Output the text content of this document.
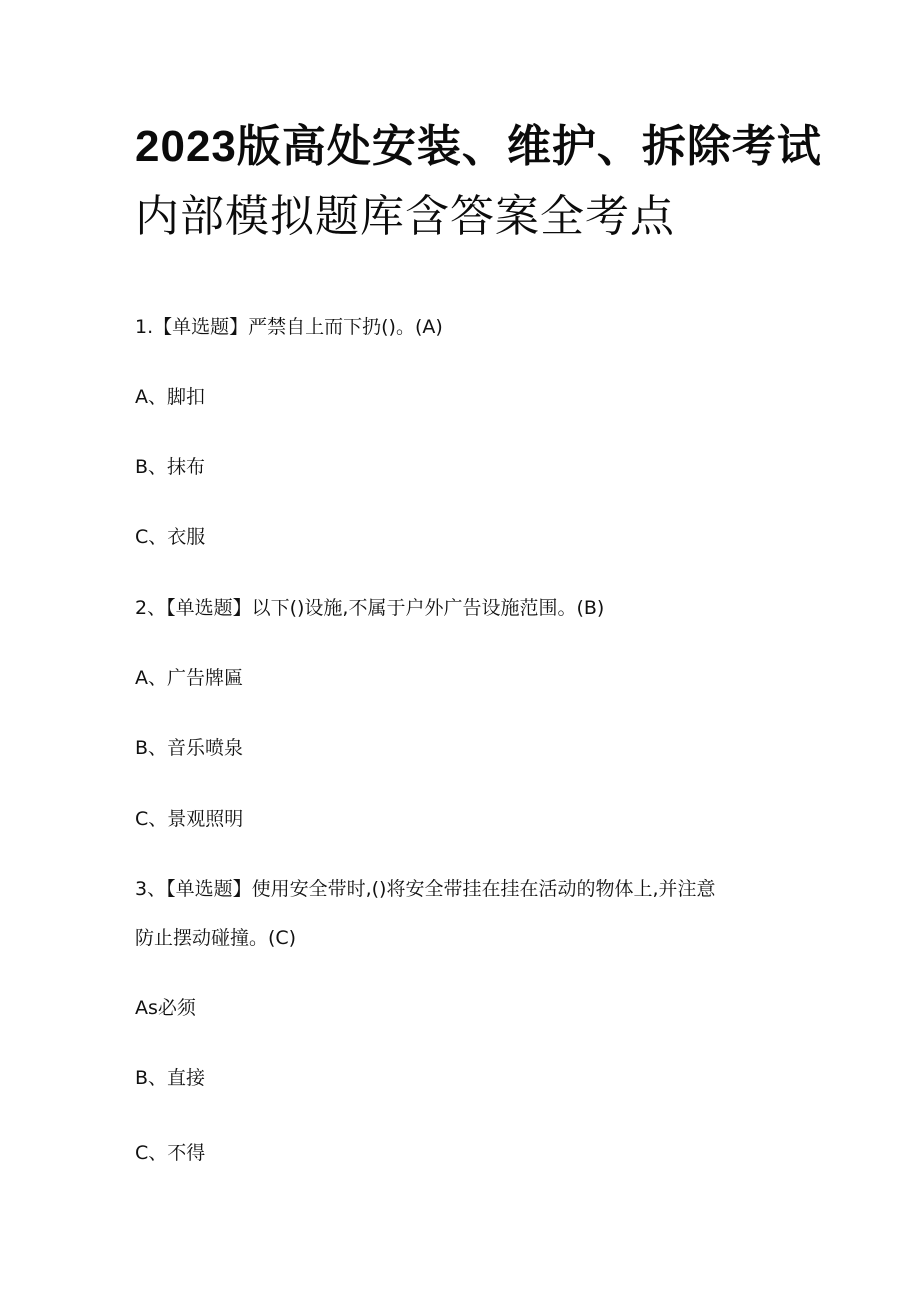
2023版高处安装、维护、拆除考试
内部模拟题库含答案全考点

1.【单选题】严禁自上而下扔()。(A)

A、脚扣

B、抹布

C、衣服

2、【单选题】以下()设施,不属于户外广告设施范围。(B)

A、广告牌匾

B、音乐喷泉

C、景观照明

3、【单选题】使用安全带时,()将安全带挂在挂在活动的物体上,并注意

防止摆动碰撞。(C)

As必须

B、直接

C、不得
